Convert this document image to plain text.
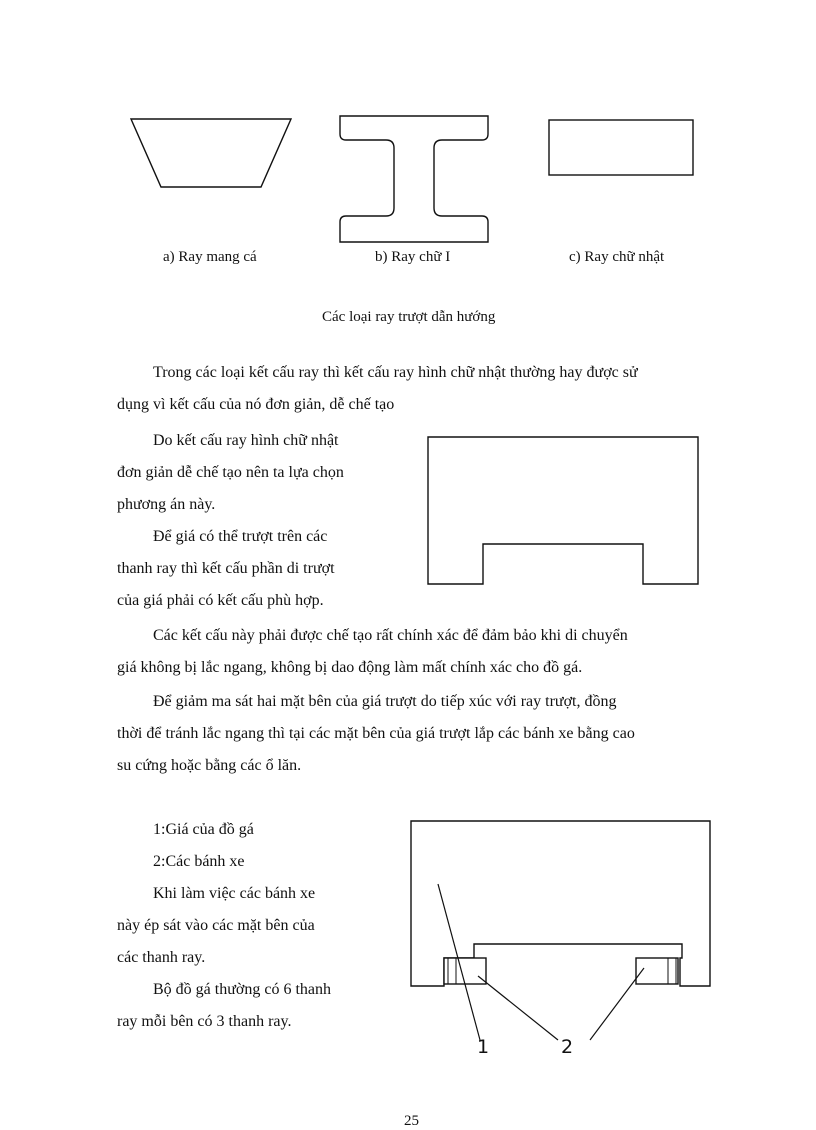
a) Ray mang cá	b) Ray chữ I	c) Ray chữ nhật
Các loại ray trượt dẫn hướng
Trong các loại kết cấu ray thì kết cấu ray hình chữ nhật thường hay được sử
dụng vì kết cấu của nó đơn giản, dễ chế tạo
Do kết cấu ray hình chữ nhật
đơn giản dễ chế tạo nên ta lựa chọn
phương án này.
Để giá có thể trượt trên các
thanh ray thì kết cấu phần di trượt
của giá phải có kết cấu phù hợp.
Các kết cấu này phải được chế tạo rất chính xác để đảm bảo khi di chuyển
giá không bị lắc ngang, không bị dao động làm mất chính xác cho đồ gá.
Để giảm ma sát hai mặt bên của giá trượt do tiếp xúc với ray trượt, đồng
thời để tránh lắc ngang thì tại các mặt bên của giá trượt lắp các bánh xe bằng cao
su cứng hoặc bằng các ổ lăn.
1:Giá của đồ gá
2:Các bánh xe
Khi làm việc các bánh xe
này ép sát vào các mặt bên của
các thanh ray.
Bộ đồ gá thường có 6 thanh
ray mỗi bên có 3 thanh ray.
1	2
25
